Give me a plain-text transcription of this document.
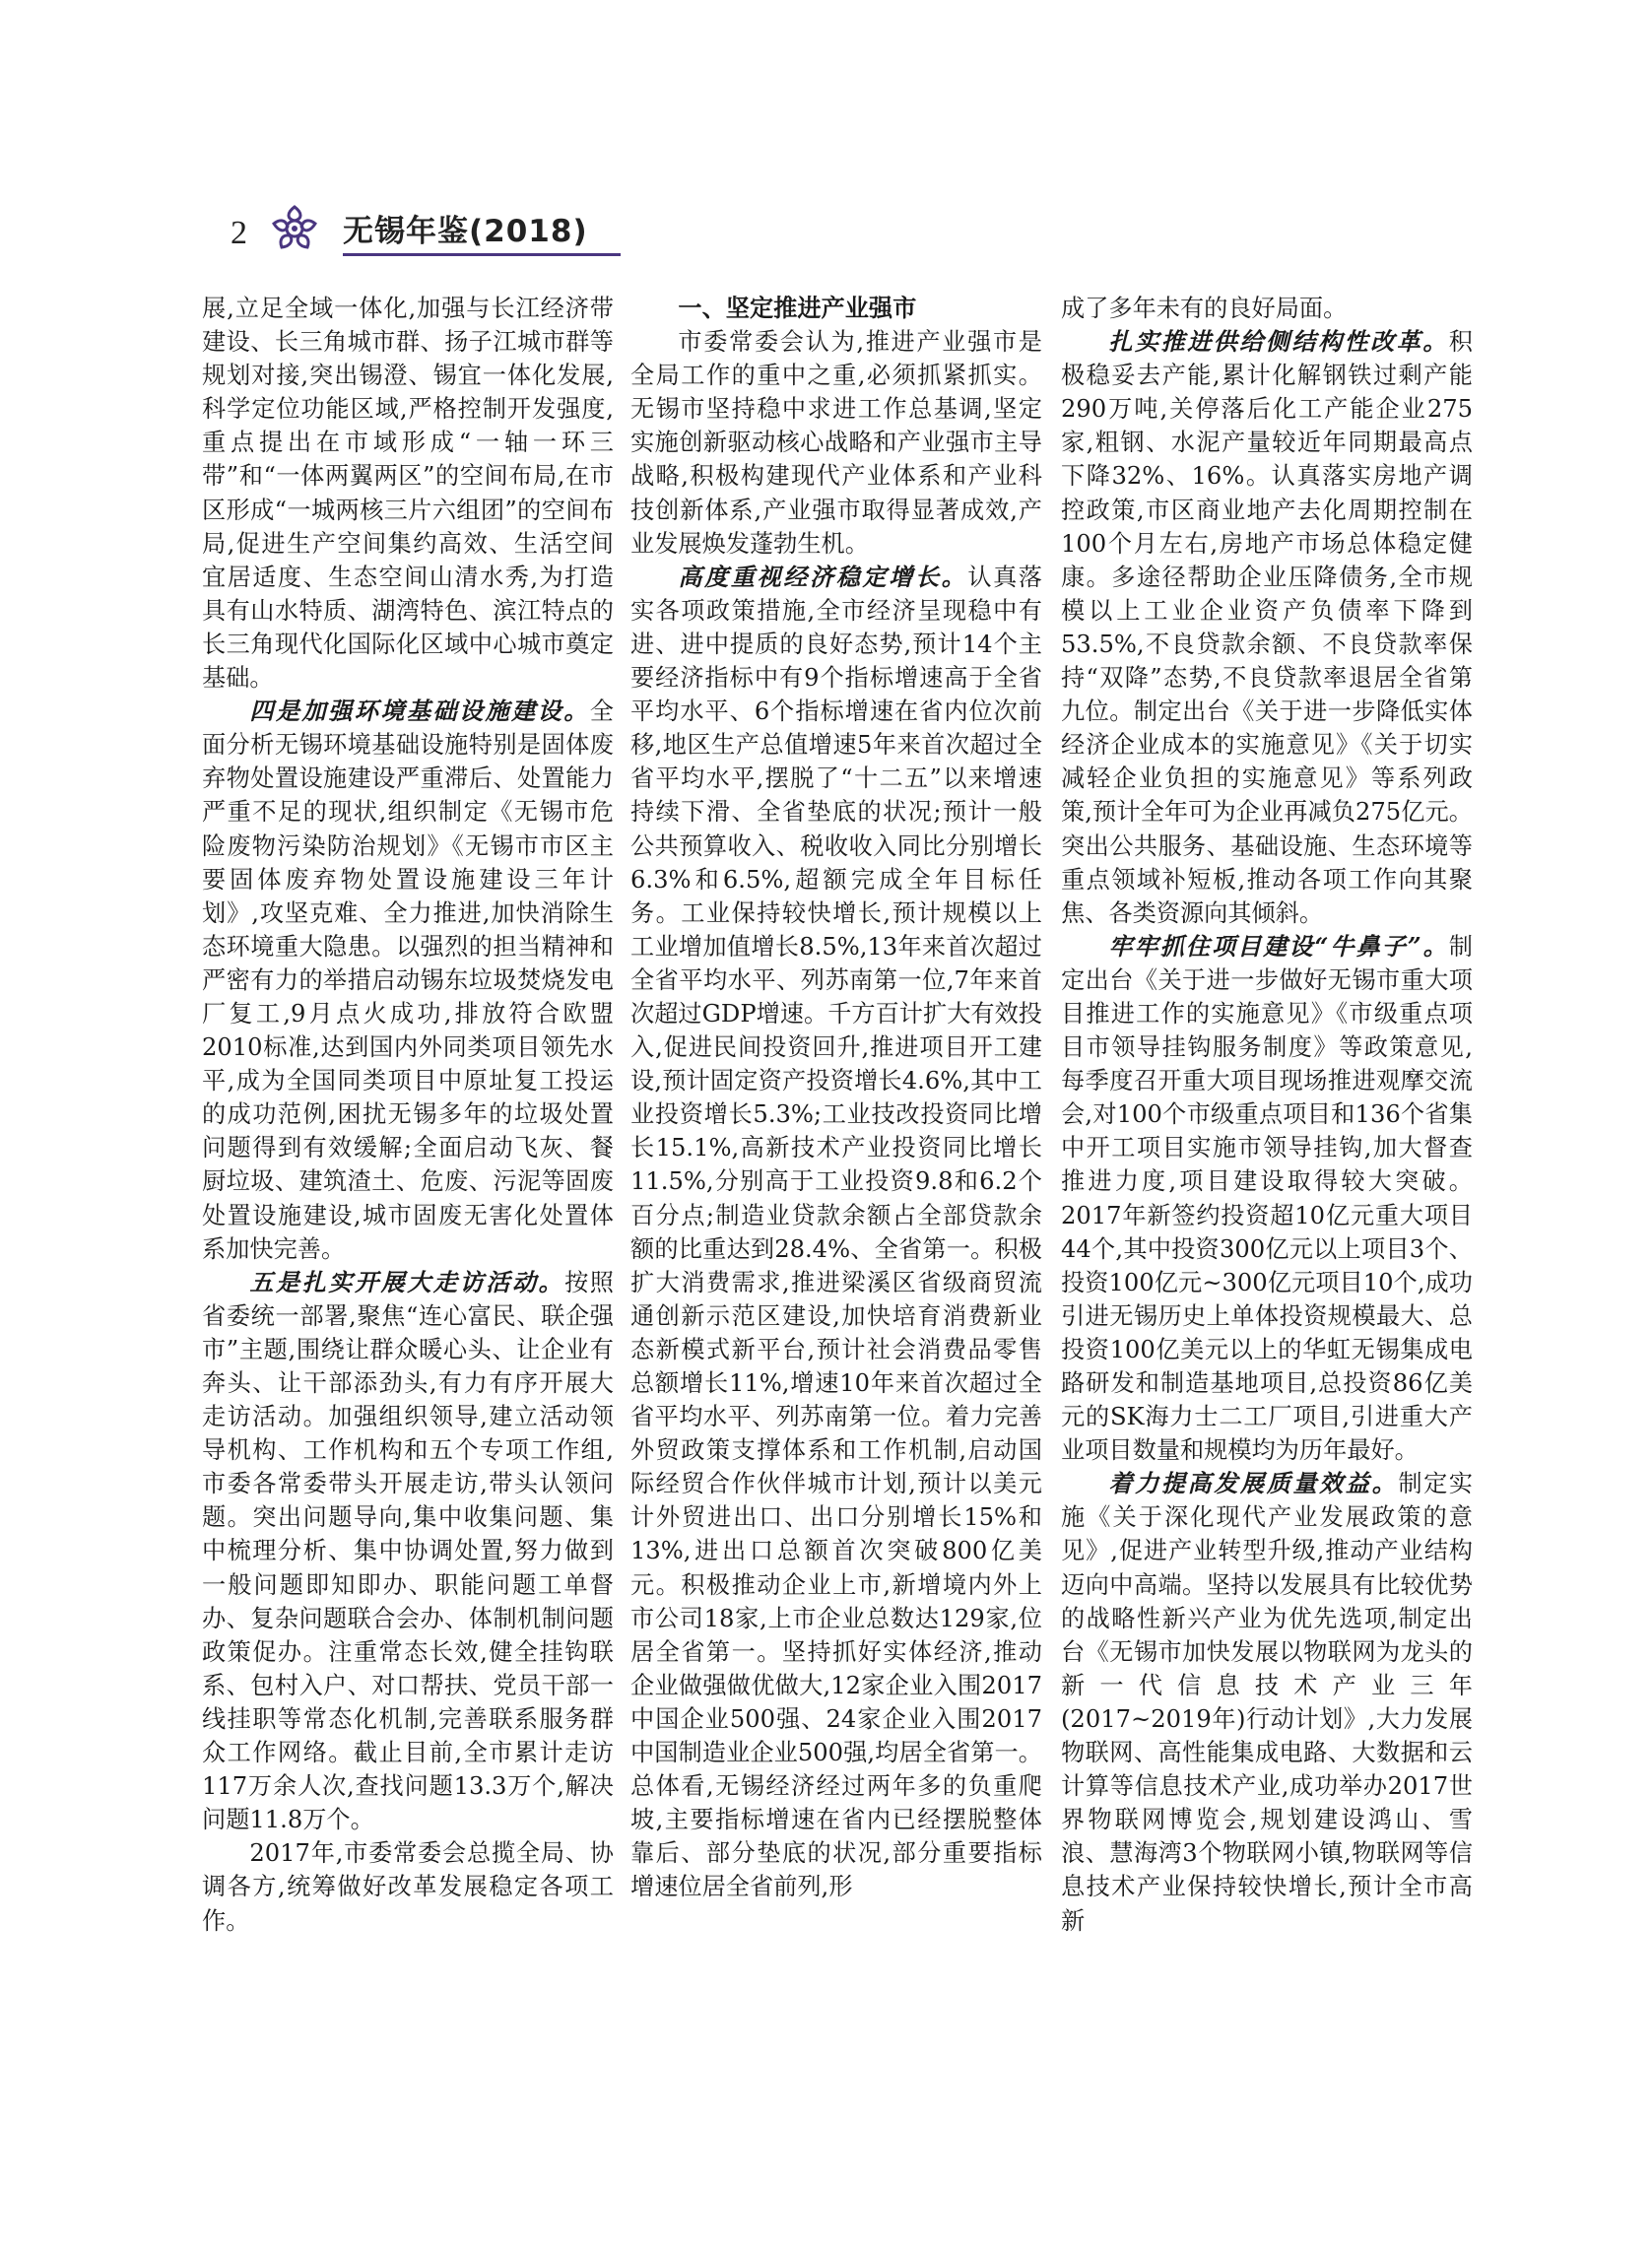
2	无锡年鉴(2018)

展,立足全域一体化,加强与长江经济带建设、长三角城市群、扬子江城市群等规划对接,突出锡澄、锡宜一体化发展,科学定位功能区域,严格控制开发强度,重点提出在市域形成“一轴一环三带”和“一体两翼两区”的空间布局,在市区形成“一城两核三片六组团”的空间布局,促进生产空间集约高效、生活空间宜居适度、生态空间山清水秀,为打造具有山水特质、湖湾特色、滨江特点的长三角现代化国际化区域中心城市奠定基础。

四是加强环境基础设施建设。全面分析无锡环境基础设施特别是固体废弃物处置设施建设严重滞后、处置能力严重不足的现状,组织制定《无锡市危险废物污染防治规划》《无锡市市区主要固体废弃物处置设施建设三年计划》,攻坚克难、全力推进,加快消除生态环境重大隐患。以强烈的担当精神和严密有力的举措启动锡东垃圾焚烧发电厂复工,9月点火成功,排放符合欧盟2010标准,达到国内外同类项目领先水平,成为全国同类项目中原址复工投运的成功范例,困扰无锡多年的垃圾处置问题得到有效缓解;全面启动飞灰、餐厨垃圾、建筑渣土、危废、污泥等固废处置设施建设,城市固废无害化处置体系加快完善。

五是扎实开展大走访活动。按照省委统一部署,聚焦“连心富民、联企强市”主题,围绕让群众暖心头、让企业有奔头、让干部添劲头,有力有序开展大走访活动。加强组织领导,建立活动领导机构、工作机构和五个专项工作组,市委各常委带头开展走访,带头认领问题。突出问题导向,集中收集问题、集中梳理分析、集中协调处置,努力做到一般问题即知即办、职能问题工单督办、复杂问题联合会办、体制机制问题政策促办。注重常态长效,健全挂钩联系、包村入户、对口帮扶、党员干部一线挂职等常态化机制,完善联系服务群众工作网络。截止目前,全市累计走访117万余人次,查找问题13.3万个,解决问题11.8万个。

2017年,市委常委会总揽全局、协调各方,统筹做好改革发展稳定各项工作。

一、坚定推进产业强市

市委常委会认为,推进产业强市是全局工作的重中之重,必须抓紧抓实。无锡市坚持稳中求进工作总基调,坚定实施创新驱动核心战略和产业强市主导战略,积极构建现代产业体系和产业科技创新体系,产业强市取得显著成效,产业发展焕发蓬勃生机。

高度重视经济稳定增长。认真落实各项政策措施,全市经济呈现稳中有进、进中提质的良好态势,预计14个主要经济指标中有9个指标增速高于全省平均水平、6个指标增速在省内位次前移,地区生产总值增速5年来首次超过全省平均水平,摆脱了“十二五”以来增速持续下滑、全省垫底的状况;预计一般公共预算收入、税收收入同比分别增长6.3%和6.5%,超额完成全年目标任务。工业保持较快增长,预计规模以上工业增加值增长8.5%,13年来首次超过全省平均水平、列苏南第一位,7年来首次超过GDP增速。千方百计扩大有效投入,促进民间投资回升,推进项目开工建设,预计固定资产投资增长4.6%,其中工业投资增长5.3%;工业技改投资同比增长15.1%,高新技术产业投资同比增长11.5%,分别高于工业投资9.8和6.2个百分点;制造业贷款余额占全部贷款余额的比重达到28.4%、全省第一。积极扩大消费需求,推进梁溪区省级商贸流通创新示范区建设,加快培育消费新业态新模式新平台,预计社会消费品零售总额增长11%,增速10年来首次超过全省平均水平、列苏南第一位。着力完善外贸政策支撑体系和工作机制,启动国际经贸合作伙伴城市计划,预计以美元计外贸进出口、出口分别增长15%和13%,进出口总额首次突破800亿美元。积极推动企业上市,新增境内外上市公司18家,上市企业总数达129家,位居全省第一。坚持抓好实体经济,推动企业做强做优做大,12家企业入围2017中国企业500强、24家企业入围2017中国制造业企业500强,均居全省第一。总体看,无锡经济经过两年多的负重爬坡,主要指标增速在省内已经摆脱整体靠后、部分垫底的状况,部分重要指标增速位居全省前列,形

成了多年未有的良好局面。

扎实推进供给侧结构性改革。积极稳妥去产能,累计化解钢铁过剩产能290万吨,关停落后化工产能企业275家,粗钢、水泥产量较近年同期最高点下降32%、16%。认真落实房地产调控政策,市区商业地产去化周期控制在100个月左右,房地产市场总体稳定健康。多途径帮助企业压降债务,全市规模以上工业企业资产负债率下降到53.5%,不良贷款余额、不良贷款率保持“双降”态势,不良贷款率退居全省第九位。制定出台《关于进一步降低实体经济企业成本的实施意见》《关于切实减轻企业负担的实施意见》等系列政策,预计全年可为企业再减负275亿元。突出公共服务、基础设施、生态环境等重点领域补短板,推动各项工作向其聚焦、各类资源向其倾斜。

牢牢抓住项目建设“牛鼻子”。制定出台《关于进一步做好无锡市重大项目推进工作的实施意见》《市级重点项目市领导挂钩服务制度》等政策意见,每季度召开重大项目现场推进观摩交流会,对100个市级重点项目和136个省集中开工项目实施市领导挂钩,加大督查推进力度,项目建设取得较大突破。2017年新签约投资超10亿元重大项目44个,其中投资300亿元以上项目3个、投资100亿元~300亿元项目10个,成功引进无锡历史上单体投资规模最大、总投资100亿美元以上的华虹无锡集成电路研发和制造基地项目,总投资86亿美元的SK海力士二工厂项目,引进重大产业项目数量和规模均为历年最好。

着力提高发展质量效益。制定实施《关于深化现代产业发展政策的意见》,促进产业转型升级,推动产业结构迈向中高端。坚持以发展具有比较优势的战略性新兴产业为优先选项,制定出台《无锡市加快发展以物联网为龙头的新一代信息技术产业三年(2017~2019年)行动计划》,大力发展物联网、高性能集成电路、大数据和云计算等信息技术产业,成功举办2017世界物联网博览会,规划建设鸿山、雪浪、慧海湾3个物联网小镇,物联网等信息技术产业保持较快增长,预计全市高新
